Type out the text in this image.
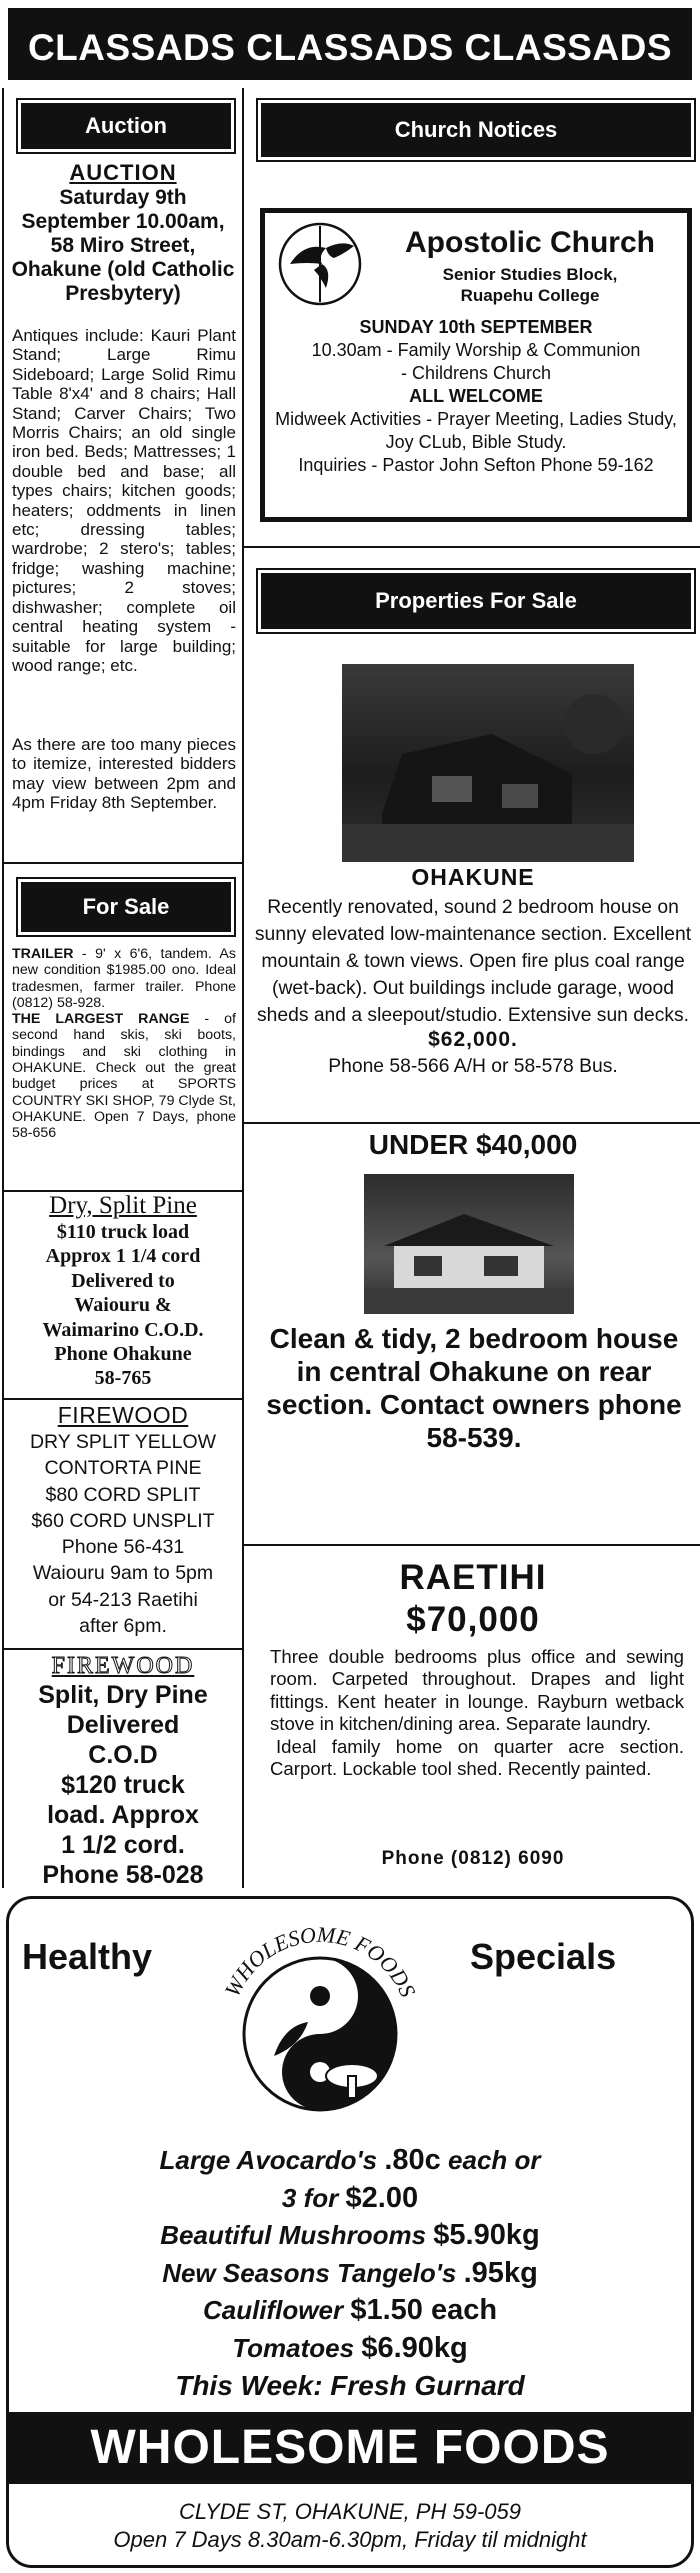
CLASSADS CLASSADS CLASSADS
Auction
AUCTION
Saturday 9th September 10.00am, 58 Miro Street, Ohakune (old Catholic Presbytery)
Antiques include: Kauri Plant Stand; Large Rimu Sideboard; Large Solid Rimu Table 8'x4' and 8 chairs; Hall Stand; Carver Chairs; Two Morris Chairs; an old single iron bed. Beds; Mattresses; 1 double bed and base; all types chairs; kitchen goods; heaters; oddments in linen etc; dressing tables; wardrobe; 2 stero's; tables; fridge; washing machine; pictures; 2 stoves; dishwasher; complete oil central heating system - suitable for large building; wood range; etc.
As there are too many pieces to itemize, interested bidders may view between 2pm and 4pm Friday 8th September.
For Sale
TRAILER - 9' x 6'6, tandem. As new condition $1985.00 ono. Ideal tradesmen, farmer trailer. Phone (0812) 58-928.
THE LARGEST RANGE - of second hand skis, ski boots, bindings and ski clothing in OHAKUNE. Check out the great budget prices at SPORTS COUNTRY SKI SHOP, 79 Clyde St, OHAKUNE. Open 7 Days, phone 58-656
Dry, Split Pine
$110 truck load
Approx 1 1/4 cord
Delivered to
Waiouru &
Waimarino C.O.D.
Phone Ohakune
58-765
FIREWOOD
DRY SPLIT YELLOW
CONTORTA PINE
$80 CORD SPLIT
$60 CORD UNSPLIT
Phone 56-431
Waiouru 9am to 5pm
or 54-213 Raetihi
after 6pm.
FIREWOOD
Split, Dry Pine
Delivered
C.O.D
$120 truck
load. Approx
1 1/2 cord.
Phone 58-028
Church Notices
Apostolic Church
Senior Studies Block,
Ruapehu College
SUNDAY 10th SEPTEMBER
10.30am - Family Worship & Communion
- Childrens Church
ALL WELCOME
Midweek Activities - Prayer Meeting, Ladies Study, Joy CLub, Bible Study.
Inquiries - Pastor John Sefton Phone 59-162
Properties For Sale
OHAKUNE
Recently renovated, sound 2 bedroom house on sunny elevated low-maintenance section. Excellent mountain & town views. Open fire plus coal range (wet-back). Out buildings include garage, wood sheds and a sleepout/studio. Extensive sun decks.
$62,000.
Phone 58-566 A/H or 58-578 Bus.
UNDER $40,000
Clean & tidy, 2 bedroom house in central Ohakune on rear section. Contact owners phone 58-539.
RAETIHI
$70,000
Three double bedrooms plus office and sewing room. Carpeted throughout. Drapes and light fittings. Kent heater in lounge. Rayburn wetback stove in kitchen/dining area. Separate laundry.
Ideal family home on quarter acre section. Carport. Lockable tool shed. Recently painted.
Phone (0812) 6090
Healthy	Specials
WHOLESOME FOODS
Large Avocardo's .80c each or
3 for $2.00
Beautiful Mushrooms $5.90kg
New Seasons Tangelo's .95kg
Cauliflower $1.50 each
Tomatoes $6.90kg
This Week: Fresh Gurnard
WHOLESOME FOODS
CLYDE ST, OHAKUNE, PH 59-059
Open 7 Days 8.30am-6.30pm, Friday til midnight
